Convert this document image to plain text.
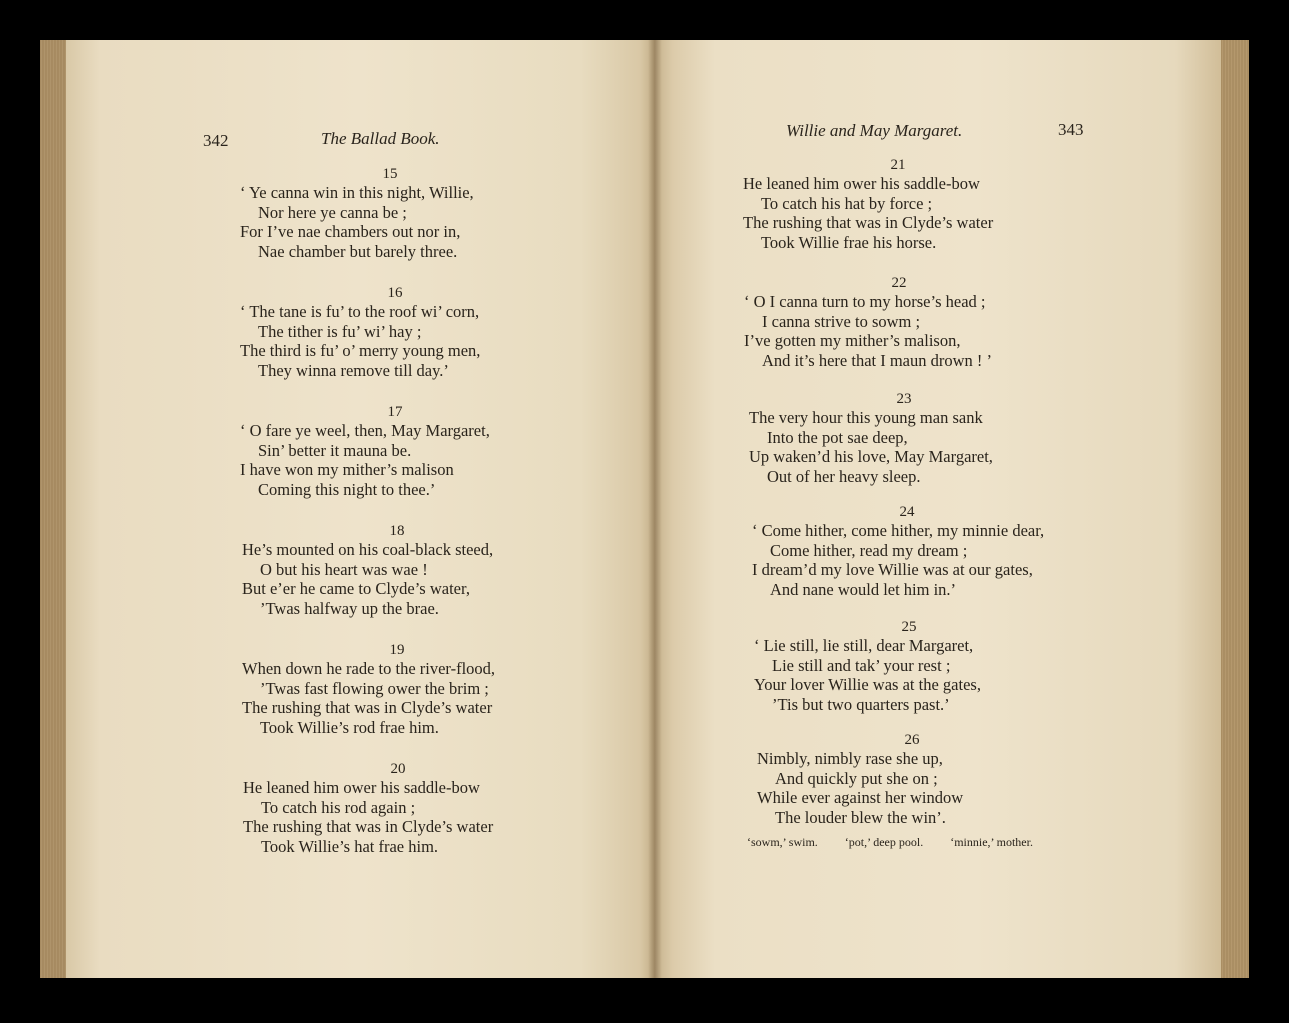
342	The Ballad Book.
15
‘ Ye canna win in this night, Willie,
Nor here ye canna be ;
For I’ve nae chambers out nor in,
Nae chamber but barely three.
16
‘ The tane is fu’ to the roof wi’ corn,
The tither is fu’ wi’ hay ;
The third is fu’ o’ merry young men,
They winna remove till day.’
17
‘ O fare ye weel, then, May Margaret,
Sin’ better it mauna be.
I have won my mither’s malison
Coming this night to thee.’
18
He’s mounted on his coal-black steed,
O but his heart was wae !
But e’er he came to Clyde’s water,
’Twas halfway up the brae.
19
When down he rade to the river-flood,
’Twas fast flowing ower the brim ;
The rushing that was in Clyde’s water
Took Willie’s rod frae him.
20
He leaned him ower his saddle-bow
To catch his rod again ;
The rushing that was in Clyde’s water
Took Willie’s hat frae him.
Willie and May Margaret.	343
21
He leaned him ower his saddle-bow
To catch his hat by force ;
The rushing that was in Clyde’s water
Took Willie frae his horse.
22
‘ O I canna turn to my horse’s head ;
I canna strive to sowm ;
I’ve gotten my mither’s malison,
And it’s here that I maun drown ! ’
23
The very hour this young man sank
Into the pot sae deep,
Up waken’d his love, May Margaret,
Out of her heavy sleep.
24
‘ Come hither, come hither, my minnie dear,
Come hither, read my dream ;
I dream’d my love Willie was at our gates,
And nane would let him in.’
25
‘ Lie still, lie still, dear Margaret,
Lie still and tak’ your rest ;
Your lover Willie was at the gates,
’Tis but two quarters past.’
26
Nimbly, nimbly rase she up,
And quickly put she on ;
While ever against her window
The louder blew the win’.
‘sowm,’ swim. ‘pot,’ deep pool. ‘minnie,’ mother.
